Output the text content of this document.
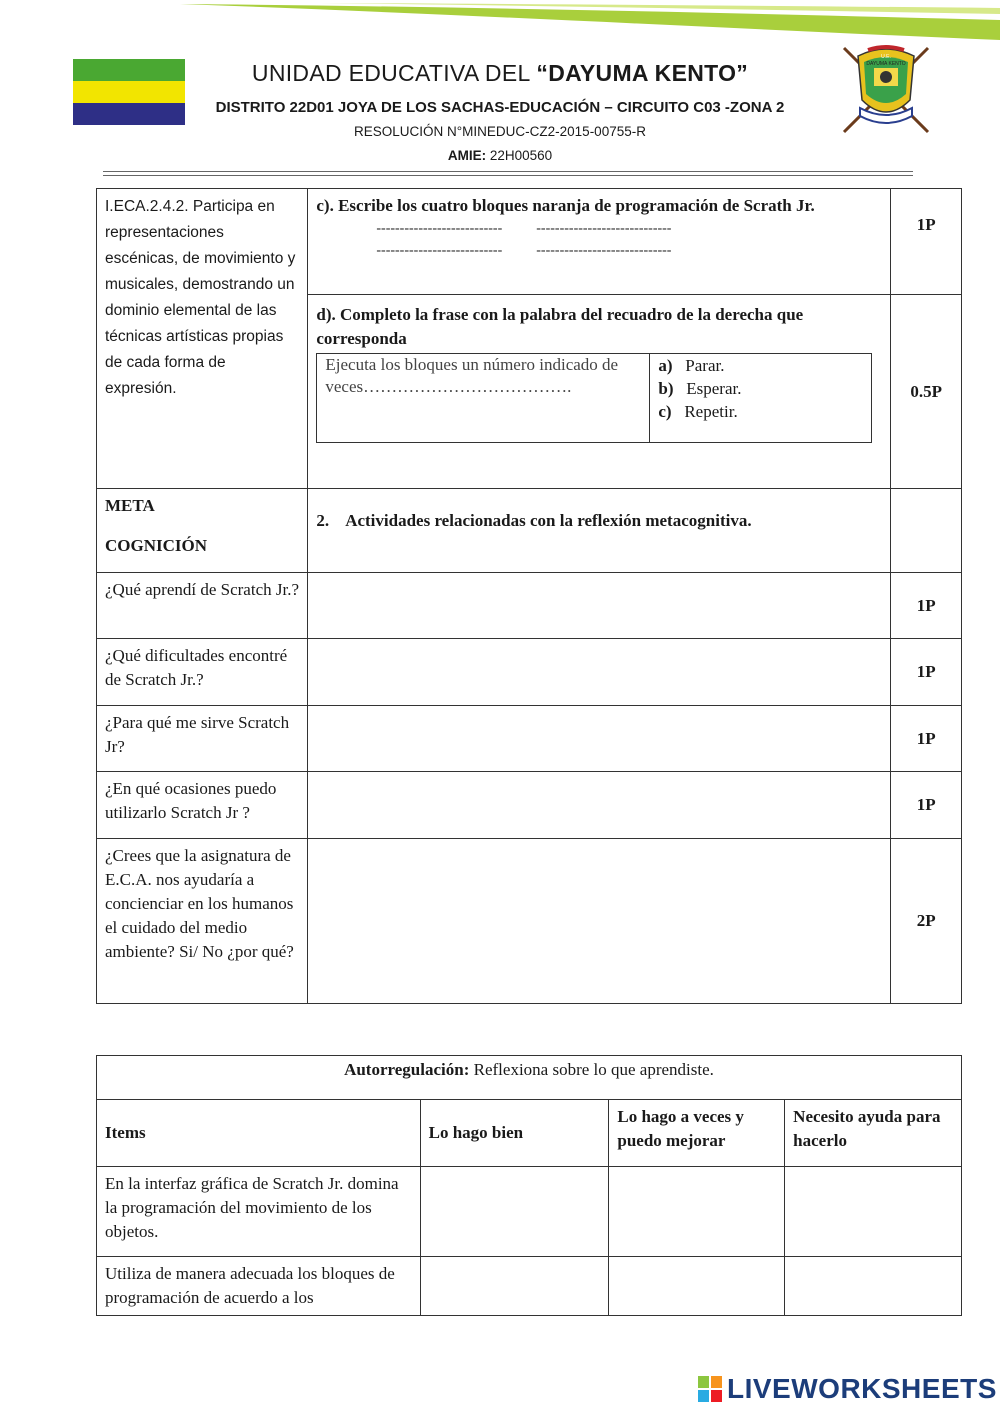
U.E.
DAYUMA KENTO
UNIDAD EDUCATIVA DEL “DAYUMA KENTO”
DISTRITO 22D01 JOYA DE LOS SACHAS-EDUCACIÓN – CIRCUITO C03 -ZONA 2
RESOLUCIÓN N°MINEDUC-CZ2-2015-00755-R
AMIE: 22H00560
I.ECA.2.4.2. Participa en representaciones escénicas, de movimiento y musicales, demostrando un dominio elemental de las técnicas artísticas propias de cada forma de expresión.	c). Escribe los cuatro bloques naranja de programación de Scrath Jr.
--------------------------- -----------------------------
--------------------------- -----------------------------	1P

	d). Completo la frase con la palabra del recuadro de la derecha que corresponda
Ejecuta los bloques un número indicado de veces……………………………….
a) Parar.
b) Esperar.
c) Repetir.	0.5P

META
COGNICIÓN	2. Actividades relacionadas con la reflexión metacognitiva.	
¿Qué aprendí de Scratch Jr.?		1P
¿Qué dificultades encontré de Scratch Jr.?		1P
¿Para qué me sirve Scratch Jr?		1P
¿En qué ocasiones puedo utilizarlo Scratch Jr ?		1P
¿Crees que la asignatura de E.C.A. nos ayudaría a concienciar en los humanos el cuidado del medio ambiente? Si/ No ¿por qué?		2P
Autorregulación: Reflexiona sobre lo que aprendiste.			
Items	Lo hago bien	Lo hago a veces y puedo mejorar	Necesito ayuda para hacerlo
En la interfaz gráfica de Scratch Jr. domina la programación del movimiento de los objetos.			
Utiliza de manera adecuada los bloques de programación de acuerdo a los			
LIVEWORKSHEETS
